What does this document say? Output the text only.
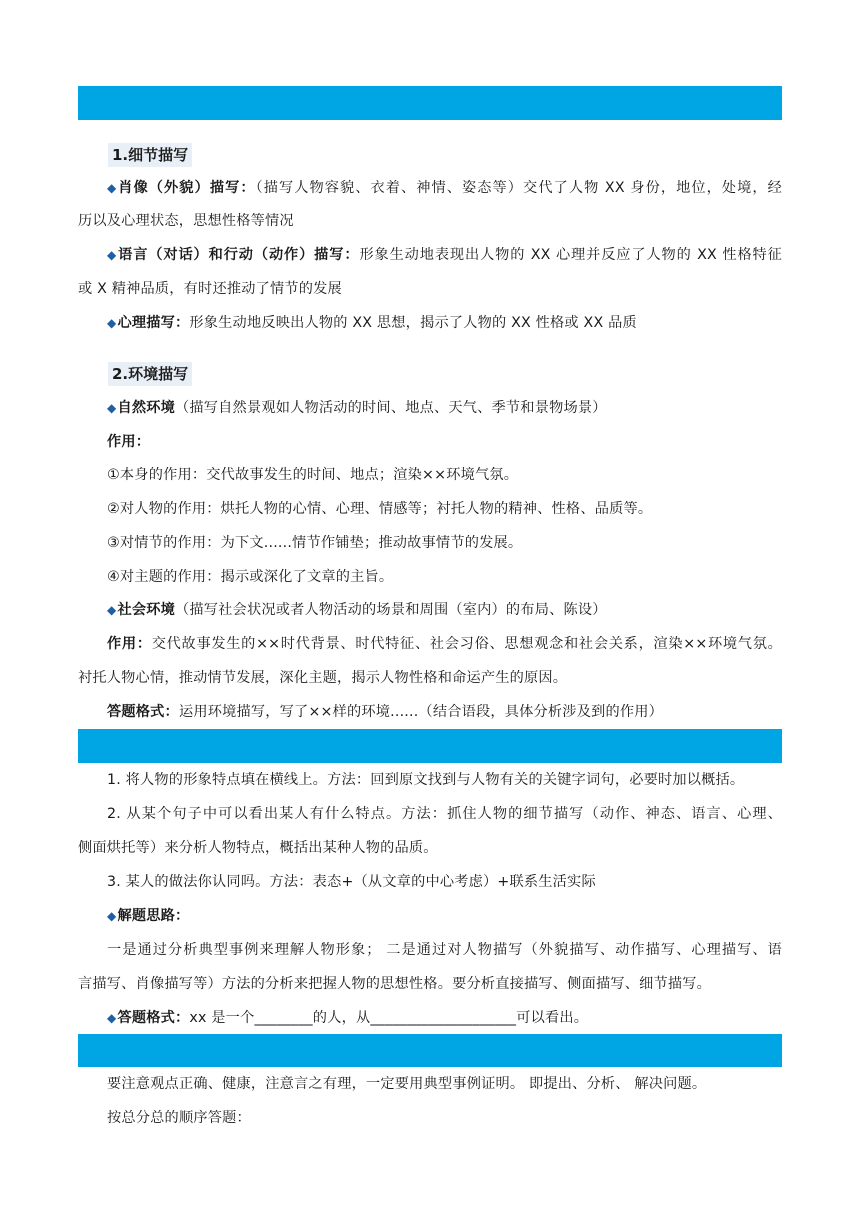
1.细节描写
◆肖像（外貌）描写：（描写人物容貌、衣着、神情、姿态等）交代了人物 XX 身份，地位，处境，经
历以及心理状态，思想性格等情况
◆语言（对话）和行动（动作）描写：形象生动地表现出人物的 XX 心理并反应了人物的 XX 性格特征
或 X 精神品质，有时还推动了情节的发展
◆心理描写：形象生动地反映出人物的 XX 思想，揭示了人物的 XX 性格或 XX 品质
2.环境描写
◆自然环境（描写自然景观如人物活动的时间、地点、天气、季节和景物场景）
作用：
①本身的作用：交代故事发生的时间、地点；渲染××环境气氛。
②对人物的作用：烘托人物的心情、心理、情感等；衬托人物的精神、性格、品质等。
③对情节的作用：为下文......情节作铺垫；推动故事情节的发展。
④对主题的作用：揭示或深化了文章的主旨。
◆社会环境（描写社会状况或者人物活动的场景和周围（室内）的布局、陈设）
作用：交代故事发生的××时代背景、时代特征、社会习俗、思想观念和社会关系，渲染××环境气氛。
衬托人物心情，推动情节发展，深化主题，揭示人物性格和命运产生的原因。
答题格式：运用环境描写，写了××样的环境......（结合语段，具体分析涉及到的作用）
1. 将人物的形象特点填在横线上。方法：回到原文找到与人物有关的关键字词句，必要时加以概括。
2. 从某个句子中可以看出某人有什么特点。方法：抓住人物的细节描写（动作、神态、语言、心理、
侧面烘托等）来分析人物特点，概括出某种人物的品质。
3. 某人的做法你认同吗。方法：表态+（从文章的中心考虑）+联系生活实际
◆解题思路：
一是通过分析典型事例来理解人物形象； 二是通过对人物描写（外貌描写、动作描写、心理描写、语
言描写、肖像描写等）方法的分析来把握人物的思想性格。要分析直接描写、侧面描写、细节描写。
◆答题格式：xx 是一个________的人，从____________________可以看出。
要注意观点正确、健康，注意言之有理，一定要用典型事例证明。 即提出、分析、 解决问题。
按总分总的顺序答题：
